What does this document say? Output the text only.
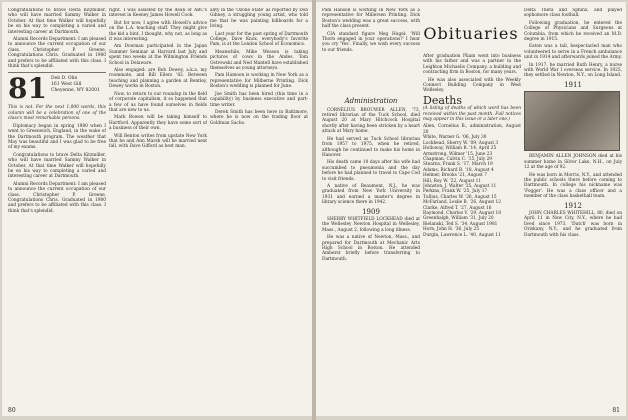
Congratulations to brave Delta Kitzmiller, who will have married Sammy Walker in October. At that time Walker will hopefully be on his way to completing a varied and interesting career at Dartmouth.

Alumni Records Department: I am pleased to announce the current occupation of our class. Christopher P. Greene, Congratulations Chris. Graduated in 1980 and prefers to be affiliated with this class. I think that's splendid.

81 Deb D. Olin
161 West Gill
Cheyenne, WY 82001

This is not. For the next 1,000 words, this column will be a celebration of one of the class's most remarkable persons.

Diplomacy began in spring 1980 when I went to Greenwich, England, in the wake of the Dartmouth program. The weather that May was beautiful and I was glad to be free of my exams.

Congratulations to brave Delta Kitzmiller, who will have married Sammy Walker in October. At that time Walker will hopefully be on his way to completing a varied and interesting career at Dartmouth.

Alumni Records Department: I am pleased to announce the current occupation of our class. Christopher P. Greene, Congratulations Chris. Graduated in 1980 and prefers to be affiliated with this class. I think that's splendid.

right. I was assisted by the dean of ABC's interest in Keeney James Howell Cook.

But for now, I agree with Howell's advice on the L.A. teaching staff. They might give the kid a hint. I thought, why not, as long as it was interesting.

Am Dowman participated in the Japan Summer Seminar at Harvard last July and spent two weeks at the Wilmington Friends School in Delaware.

Also engaged: are Bob Dewey, a.k.a. my roommate, and Bill Eilers '82. Between teaching and planning a garden at Bentley, Dewey works in Boston.

Now, to return to our roundup in the field of corporate capitalism, it so happened that a few of us have found ourselves in fields that are new to us.

Mark Bowen will be taking himself to Hartford. Apparently they have some sort of a business of their own.

Will Benton writes from upstate New York that he and Ann Marsh will be married next fall, with Dave Gifford as best man.

ality in the 'Ozone State' as reported by Don Gibney, a struggling young artist, who told me that he was painting billboards for a living.

Last year for the past spring of Dartmouth College, Dave Knox, everybody's favorite Pam, is at the London School of Economics.

Meanwhile, Mike Wesson is taking pictures of cows in the Andes. Tom Ostrowski and Ned Mantell have established themselves as young attorneys.

Pam Hamoon is working in New York as a representative for Milberne Printing. Dick Boston's wedding is planned for June.

Joe Smith has been hired (this time in a capability) by business executive and part-time writer.

Derek Smith has been here in Baltimore, where he is now on the trading floor at Goldman Sachs.

80

Pam Hanson is working in New York as a representative for Millersen Printing. Dick Boston's wedding was a great success, with half the class present.

CIA standard figure Meg Hugel: 'Will Thorn engaged in your operations?' I hear you cry 'Yes'. Finally, we wish every success to our friends.

Administration

CORNELIUS BROUWER ALLEN, '73, retired librarian of the Tuck School, died August 20 at Mary Hitchcock Hospital shortly after having been stricken by a heart attack at Mary home.

He had served as Tuck School librarian from 1957 to 1975, when he retired, although he continued to make his home in Hanover.

His death came 10 days after his wife had succumbed to pneumonia and the day before he had planned to travel to Cape Cod to visit friends.

A native of Beaumont, N.J., he was graduated from New York University in 1931 and earned a master's degree in library science there in 1942.

1909

SHERRY WHITFIELD LOCKHEAD died at the Wellesley Newton Hospital in Wellesley, Mass., August 2, following a long illness.

He was a native of Newton, Mass., and prepared for Dartmouth at Mechanic Arts High School in Boston. He attended Amherst briefly before transferring to Dartmouth.

After graduation Pliam went into business with his father and was a partner in the Leighton Michaelis Company, a building and contracting firm in Boston, for many years.

He was also associated with the Weekly Connect Building Company in West Wellesley.

Deaths

(A listing of deaths of which word has been received within the past month. Full notices may appear in this issue or a later one.)

Allen, Cornelius B., administration, August 20

White, Warner G. '06, July 30

Lockhead, Sherry W. '09, August 3

Holloway, William R. '14, April 25

Armstrong, Wilmer '15, June 23

Chapman, Calvin C. '15, July 29

Stearns, Frank S. '17, March 19

Adams, Richard R. '18, August 4

Helmer, Brooks '21, August 7

Hill, Roy W. '22, August 11

Johnston, J. Walter '25, August 11

Perkins, Frank W. '25, July 17

Tullius, Charles W. '26, August 15

McFarland, Leslie B. '26, August 12

Clarke, Alfred T. '27, August 16

Raymond, Charles V. '29, August 18

Greenhalgh, William '31, July 20

Bielanski, Ted S. '34, August 1981

Horn, John H. '36, July 25

Durgin, Lawrence L. '40, August 11

Delta Theta and Sphinx, and played sophomore class football.

Following graduation, he entered the College of Physicians and Surgeons at Columbia, from which he received an M.D. degree in 1915.

Eaton was a tall, bespectacled man who volunteered to serve in a French ambulance unit in 1914 and afterwards joined the Army.

In 1917, he married Ruth Henry, a nurse with World War I overseas service. In 1925, they settled in Newton, N.Y., on Long Island.

1911

BENJAMIN ALLEN JOHNSON died at his summer home in Silver Lake, N.H., on July 12 at the age of 92.

He was born in Morris, N.Y., and attended the public schools there before coming to Dartmouth. In college his nickname was 'Fogger'. He was a class officer and a member of the class basketball team.

1912

JOHN CHARLES WHITEHILL, 80, died on April 11 in New City, N.Y., where he had lived since 1973. 'Dutch' was born in Oriskany, N.Y., and he graduated from Dartmouth with his class.

Obituaries
81
